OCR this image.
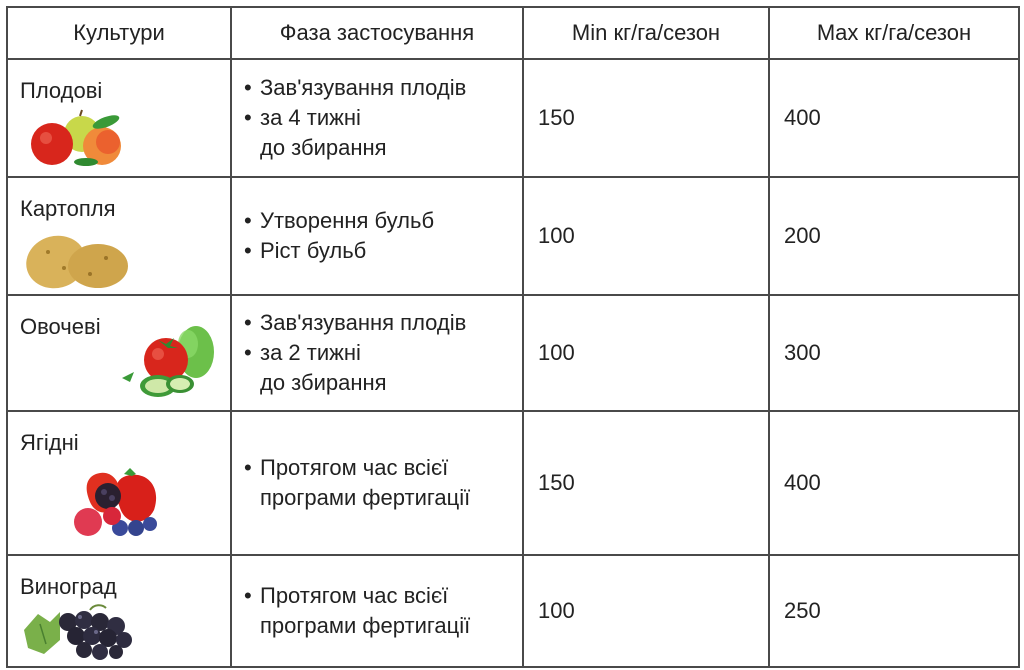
Культури	Фаза застосування	Min кг/га/сезон	Max кг/га/сезон

Плодові	• Зав'язування плодів
• за 4 тижні
до збирання	150	400

Картопля	• Утворення бульб
• Ріст бульб	100	200

Овочеві	• Зав'язування плодів
• за 2 тижні
до збирання	100	300

Ягідні	• Протягом час всієї
програми фертигації	150	400

Виноград	• Протягом час всієї
програми фертигації	100	250
